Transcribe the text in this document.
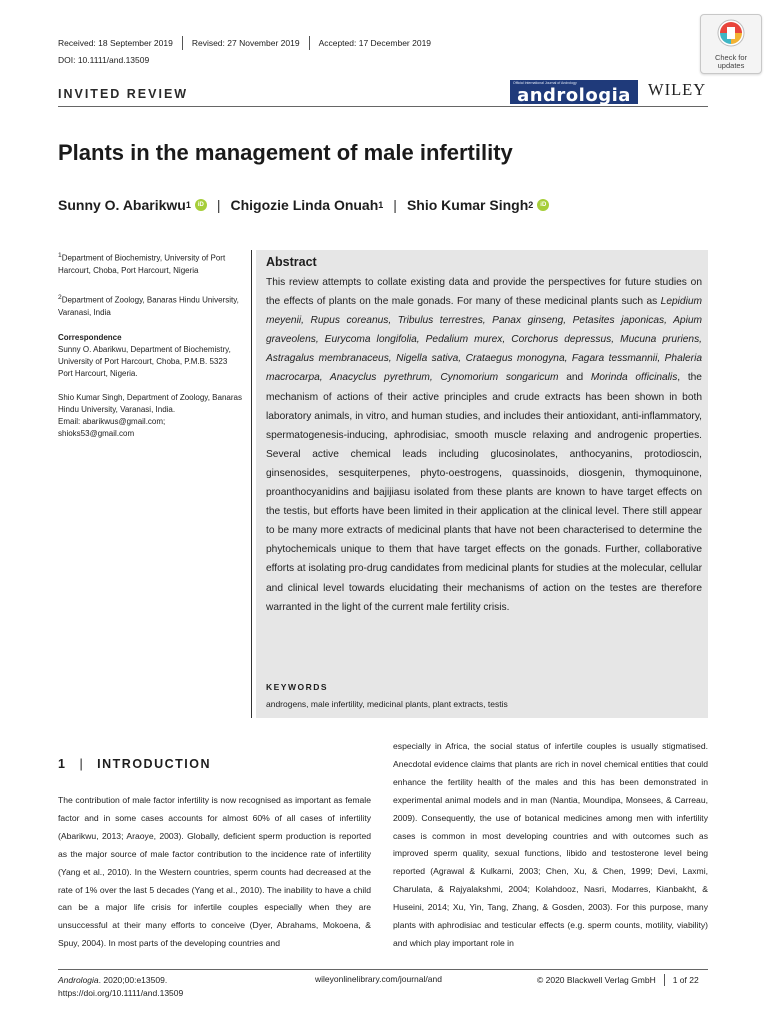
Received: 18 September 2019 Revised: 27 November 2019 Accepted: 17 December 2019
DOI: 10.1111/and.13509
INVITED REVIEW
Check for updates
Official International Journal of Andrology
andrologia	WILEY
Plants in the management of male infertility
Sunny O. Abarikwu 1	iD | Chigozie Linda Onuah 1 | Shio Kumar Singh 2	iD

$^1$Department of Biochemistry, University of Port Harcourt, Choba, Port Harcourt, Nigeria

$^2$Department of Zoology, Banaras Hindu University, Varanasi, India

Correspondence

Sunny O. Abarikwu, Department of Biochemistry, University of Port Harcourt, Choba, P.M.B. 5323 Port Harcourt, Nigeria.

Shio Kumar Singh, Department of Zoology, Banaras Hindu University, Varanasi, India.

Email: abarikwus@gmail.com;

shioks53@gmail.com

Abstract
This review attempts to collate existing data and provide the perspectives for future studies on the effects of plants on the male gonads. For many of these medicinal plants such as Lepidium meyenii, Rupus coreanus, Tribulus terrestres, Panax ginseng, Petasites japonicas, Apium graveolens, Eurycoma longifolia, Pedalium murex, Corchorus depressus, Mucuna pruriens, Astragalus membranaceus, Nigella sativa, Crataegus monogyna, Fagara tessmannii, Phaleria macrocarpa, Anacyclus pyrethrum, Cynomorium songaricum and Morinda officinalis, the mechanism of actions of their active principles and crude extracts has been shown in both laboratory animals, in vitro, and human studies, and includes their antioxidant, anti-inflammatory, spermatogenesis-inducing, aphrodisiac, smooth muscle relaxing and androgenic properties. Several active chemical leads including glucosinolates, anthocyanins, protodioscin, ginsenosides, sesquiterpenes, phyto-oestrogens, quassinoids, diosgenin, thymoquinone, proanthocyanidins and bajijiasu isolated from these plants are known to have target effects on the testis, but efforts have been limited in their application at the clinical level. There still appear to be many more extracts of medicinal plants that have not been characterised to determine the phytochemicals unique to them that have target effects on the gonads. Further, collaborative efforts at isolating pro-drug candidates from medicinal plants for studies at the molecular, cellular and clinical level towards elucidating their mechanisms of action on the testes are therefore warranted in the light of the current male fertility crisis.
KEYWORDS
androgens, male infertility, medicinal plants, plant extracts, testis
1 | INTRODUCTION
The contribution of male factor infertility is now recognised as important as female factor and in some cases accounts for almost 60% of all cases of infertility (Abarikwu, 2013; Araoye, 2003). Globally, deficient sperm production is reported as the major source of male factor contribution to the incidence rate of infertility (Yang et al., 2010). In the Western countries, sperm counts had decreased at the rate of 1% over the last 5 decades (Yang et al., 2010). The inability to have a child can be a major life crisis for infertile couples especially when they are unsuccessful at their many efforts to conceive (Dyer, Abrahams, Mokoena, & Spuy, 2004). In most parts of the developing countries and
especially in Africa, the social status of infertile couples is usually stigmatised. Anecdotal evidence claims that plants are rich in novel chemical entities that could enhance the fertility health of the males and this has been demonstrated in experimental animal models and in man (Nantia, Moundipa, Monsees, & Carreau, 2009). Consequently, the use of botanical medicines among men with infertility cases is common in most developing countries and with outcomes such as improved sperm quality, sexual functions, libido and testosterone level being reported (Agrawal & Kulkarni, 2003; Chen, Xu, & Chen, 1999; Devi, Laxmi, Charulata, & Rajyalakshmi, 2004; Kolahdooz, Nasri, Modarres, Kianbakht, & Huseini, 2014; Xu, Yin, Tang, Zhang, & Gosden, 2003). For this purpose, many plants with aphrodisiac and testicular effects (e.g. sperm counts, motility, viability) and which play important role in
Andrologia. 2020;00:e13509.
https://doi.org/10.1111/and.13509
wileyonlinelibrary.com/journal/and	© 2020 Blackwell Verlag GmbH 1 of 22
